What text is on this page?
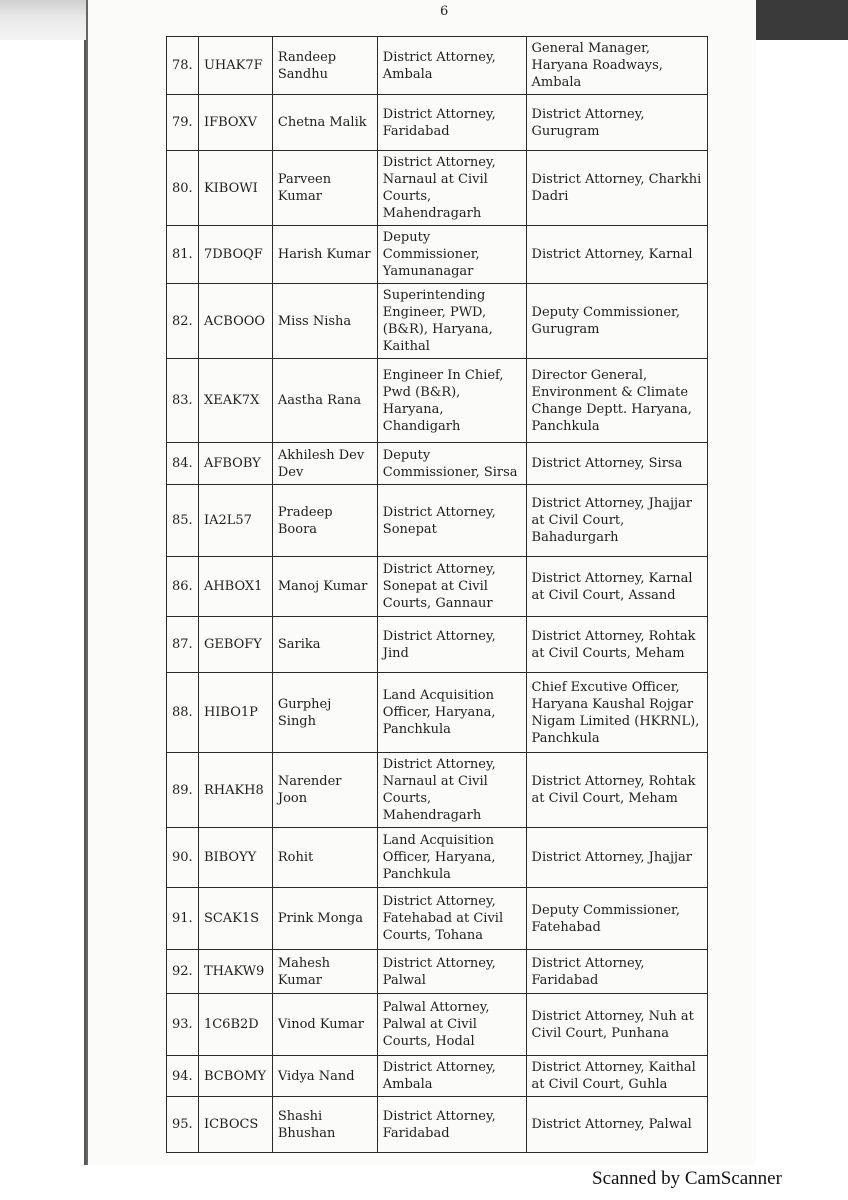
6
78.	UHAK7F	Randeep Sandhu	District Attorney, Ambala	General Manager, Haryana Roadways, Ambala
79.	IFBOXV	Chetna Malik	District Attorney, Faridabad	District Attorney, Gurugram
80.	KIBOWI	Parveen Kumar	District Attorney, Narnaul at Civil Courts, Mahendragarh	District Attorney, Charkhi Dadri
81.	7DBOQF	Harish Kumar	Deputy Commissioner, Yamunanagar	District Attorney, Karnal
82.	ACBOOO	Miss Nisha	Superintending Engineer, PWD, (B&R), Haryana, Kaithal	Deputy Commissioner, Gurugram
83.	XEAK7X	Aastha Rana	Engineer In Chief, Pwd (B&R), Haryana, Chandigarh	Director General, Environment & Climate Change Deptt. Haryana, Panchkula
84.	AFBOBY	Akhilesh Dev Dev	Deputy Commissioner, Sirsa	District Attorney, Sirsa
85.	IA2L57	Pradeep Boora	District Attorney, Sonepat	District Attorney, Jhajjar at Civil Court, Bahadurgarh
86.	AHBOX1	Manoj Kumar	District Attorney, Sonepat at Civil Courts, Gannaur	District Attorney, Karnal at Civil Court, Assand
87.	GEBOFY	Sarika	District Attorney, Jind	District Attorney, Rohtak at Civil Courts, Meham
88.	HIBO1P	Gurphej Singh	Land Acquisition Officer, Haryana, Panchkula	Chief Excutive Officer, Haryana Kaushal Rojgar Nigam Limited (HKRNL), Panchkula
89.	RHAKH8	Narender Joon	District Attorney, Narnaul at Civil Courts, Mahendragarh	District Attorney, Rohtak at Civil Court, Meham
90.	BIBOYY	Rohit	Land Acquisition Officer, Haryana, Panchkula	District Attorney, Jhajjar
91.	SCAK1S	Prink Monga	District Attorney, Fatehabad at Civil Courts, Tohana	Deputy Commissioner, Fatehabad
92.	THAKW9	Mahesh Kumar	District Attorney, Palwal	District Attorney, Faridabad
93.	1C6B2D	Vinod Kumar	Palwal Attorney, Palwal at Civil Courts, Hodal	District Attorney, Nuh at Civil Court, Punhana
94.	BCBOMY	Vidya Nand	District Attorney, Ambala	District Attorney, Kaithal at Civil Court, Guhla
95.	ICBOCS	Shashi Bhushan	District Attorney, Faridabad	District Attorney, Palwal
Scanned by CamScanner
